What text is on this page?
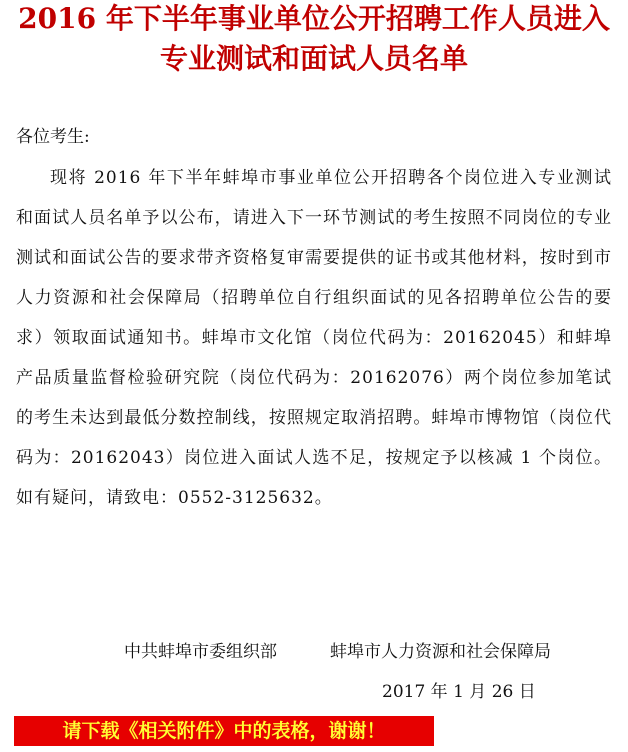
2016 年下半年事业单位公开招聘工作人员进入
专业测试和面试人员名单
各位考生:
现将 2016 年下半年蚌埠市事业单位公开招聘各个岗位进入专业测试和面试人员名单予以公布，请进入下一环节测试的考生按照不同岗位的专业测试和面试公告的要求带齐资格复审需要提供的证书或其他材料，按时到市人力资源和社会保障局（招聘单位自行组织面试的见各招聘单位公告的要求）领取面试通知书。蚌埠市文化馆（岗位代码为：20162045）和蚌埠产品质量监督检验研究院（岗位代码为：20162076）两个岗位参加笔试的考生未达到最低分数控制线，按照规定取消招聘。蚌埠市博物馆（岗位代码为：20162043）岗位进入面试人选不足，按规定予以核减 1 个岗位。如有疑问，请致电：0552-3125632。
中共蚌埠市委组织部	蚌埠市人力资源和社会保障局
2017 年 1 月 26 日
请下载《相关附件》中的表格，谢谢！
